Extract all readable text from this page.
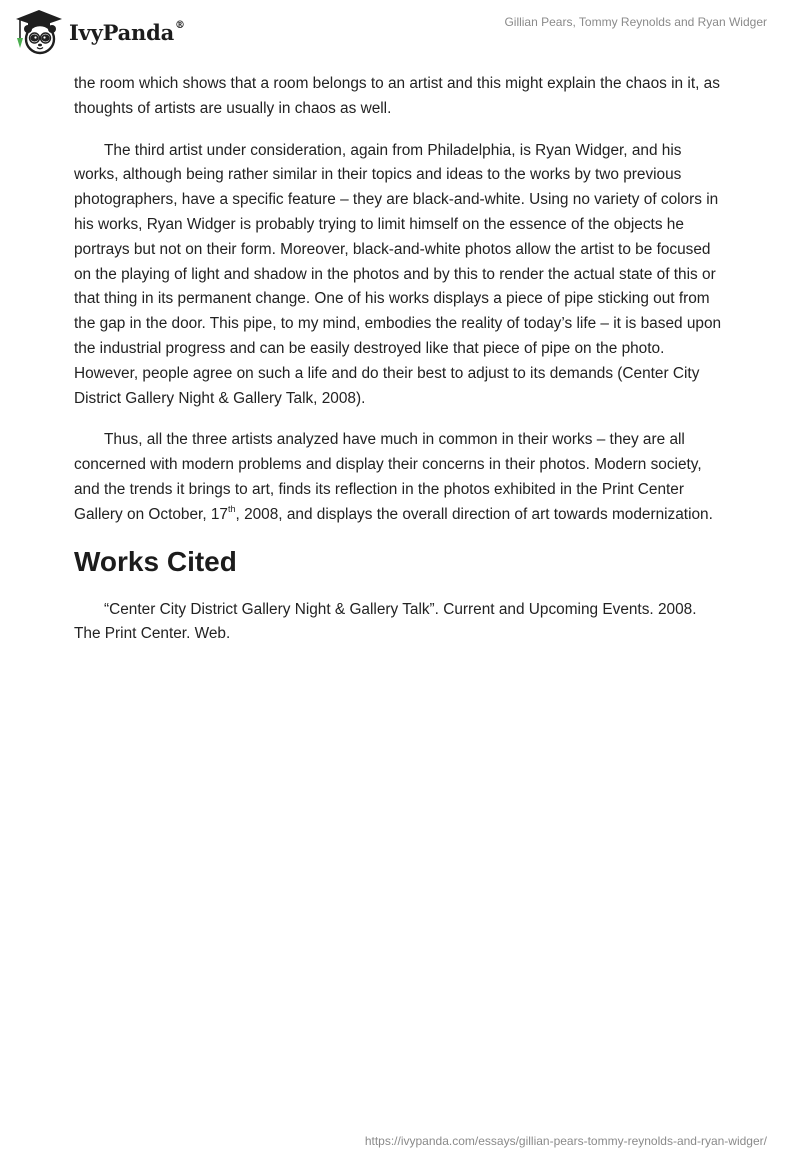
IvyPanda®	Gillian Pears, Tommy Reynolds and Ryan Widger

the room which shows that a room belongs to an artist and this might explain the chaos in it, as thoughts of artists are usually in chaos as well.

The third artist under consideration, again from Philadelphia, is Ryan Widger, and his works, although being rather similar in their topics and ideas to the works by two previous photographers, have a specific feature – they are black-and-white. Using no variety of colors in his works, Ryan Widger is probably trying to limit himself on the essence of the objects he portrays but not on their form. Moreover, black-and-white photos allow the artist to be focused on the playing of light and shadow in the photos and by this to render the actual state of this or that thing in its permanent change. One of his works displays a piece of pipe sticking out from the gap in the door. This pipe, to my mind, embodies the reality of today’s life – it is based upon the industrial progress and can be easily destroyed like that piece of pipe on the photo. However, people agree on such a life and do their best to adjust to its demands (Center City District Gallery Night & Gallery Talk, 2008).

Thus, all the three artists analyzed have much in common in their works – they are all concerned with modern problems and display their concerns in their photos. Modern society, and the trends it brings to art, finds its reflection in the photos exhibited in the Print Center Gallery on October, 17th, 2008, and displays the overall direction of art towards modernization.

Works Cited

“Center City District Gallery Night & Gallery Talk”. Current and Upcoming Events. 2008. The Print Center. Web.

https://ivypanda.com/essays/gillian-pears-tommy-reynolds-and-ryan-widger/
